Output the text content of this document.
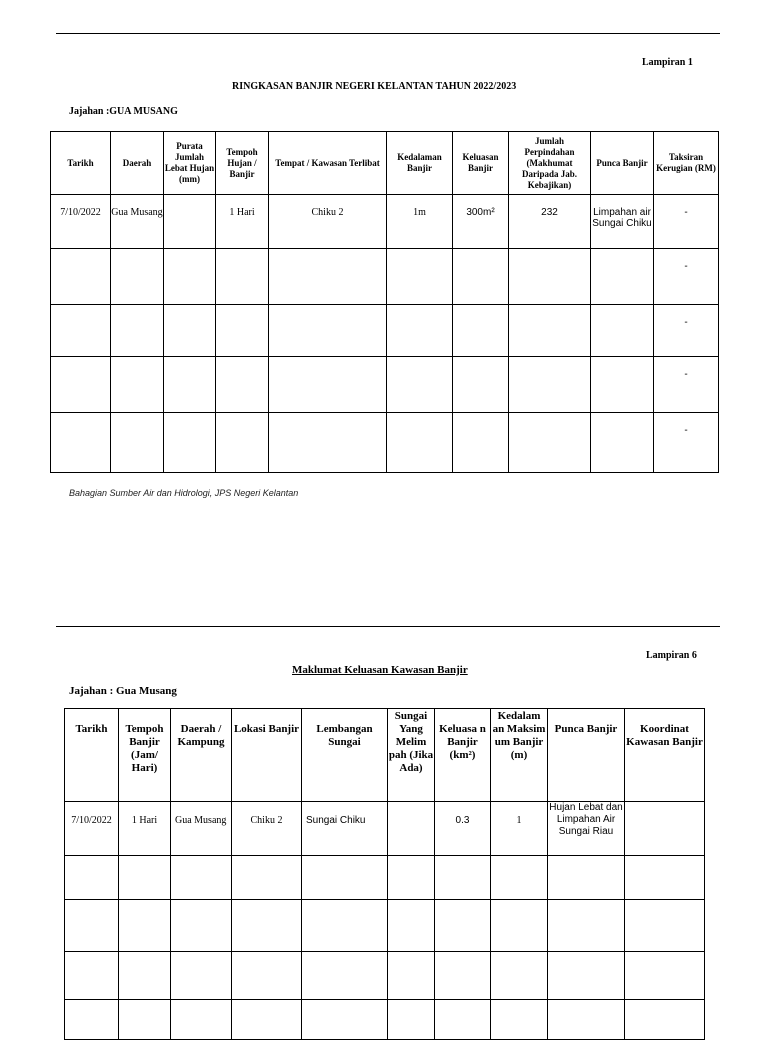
Lampiran 1
RINGKASAN BANJIR NEGERI KELANTAN TAHUN 2022/2023
Jajahan :GUA MUSANG
Tarikh	Daerah	Purata Jumlah Lebat Hujan (mm)	Tempoh Hujan / Banjir	Tempat / Kawasan Terlibat	Kedalaman Banjir	Keluasan Banjir	Jumlah Perpindahan (Makhumat Daripada Jab. Kebajikan)	Punca Banjir	Taksiran Kerugian (RM)
7/10/2022	Gua Musang		1 Hari	Chiku 2	1m	300m²	232	Limpahan air Sungai Chiku	-
									-
									-
									-
									-
Bahagian Sumber Air dan Hidrologi, JPS Negeri Kelantan
Lampiran 6
Maklumat Keluasan Kawasan Banjir
Jajahan : Gua Musang
Tarikh	Tempoh Banjir (Jam/ Hari)	Daerah / Kampung	Lokasi Banjir	Lembangan Sungai	Sungai Yang Melim pah (Jika Ada)	Keluasa n Banjir (km²)	Kedalam an Maksim um Banjir (m)	Punca Banjir	Koordinat Kawasan Banjir
7/10/2022	1 Hari	Gua Musang	Chiku 2	Sungai Chiku		0.3	1	Hujan Lebat dan Limpahan Air Sungai Riau	
